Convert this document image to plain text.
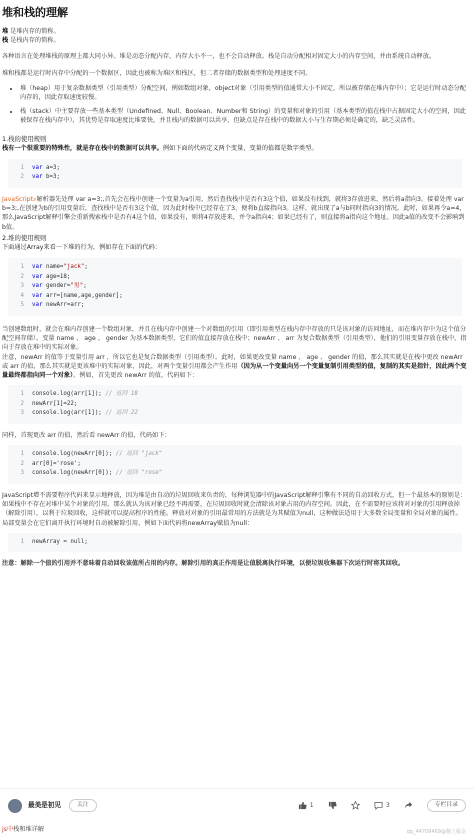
堆和栈的理解

堆 是堆内存的简称。

栈 是栈内存的简称。

各种语言在处理堆栈的原理上都大同小异。堆是动态分配内存，内存大小不一，也不会自动释放。栈是自动分配相对固定大小的内存空间，并由系统自动释放。

堆和栈都是运行时内存中分配的一个数据区，因此也被称为堆区和栈区，但二者存储的数据类型和处理速度不同。

• 堆（heap）用于复杂数据类型（引用类型）分配空间，例如数组对象，object对象（引用类型的值通常大小不固定，所以被存储在堆内存中）；它是运行时动态分配内存的，因此存取速度较慢。
• 栈（stack）中主要存放一些基本类型（Undefined、Null、Boolean、Number和 String）的变量和对象的引用（基本类型的值在栈中占据固定大小的空间，因此被保存在栈内存中），其优势是存取速度比堆要快，并且栈内的数据可以共享，但缺点是存在栈中的数据大小与生存期必须是确定的，缺乏灵活性。
1.栈的使用规则
栈有一个很重要的特殊性，就是存在栈中的数据可以共享。例如下面的代码定义两个变量，变量的值都是数字类型。
1 var a=3;
2 var b=3;

JavaScript⌕解析器先处理 var a=3;,首先会在栈中创建一个变量为a引用，然后查找栈中是否有3这个值，如果没有找到，就将3存放进来，然后将a指向3。接着处理 var b=3;,在创建为b的引用变量后，查找栈中是否有3这个值，因为此时栈中已经存在了3，便将b直接指向3。这样，就出现了a与b同时指向3的情况。此时，如果再令a=4，那么JavaScript解释引擎会重新搜索栈中是否有4这个值，如果没有，则将4存放进来，并令a指向4；如果已经有了，则直接将a指向这个地址。因此a值的改变不会影响到b值。

2.堆的使用规则
下面通过Array来看一下堆的行为，例如存在下面的代码：
1 var name="jack";
2 var age=18;
3 var gender="男";
4 var arr=[name,age,gender];
5 var newArr=arr;

当创建数组时，就会在堆内存创建一个数组对象，并且在栈内存中创建一个对数组的引用（即引用类型在栈内存中存放的只是该对象的访问地址，而在堆内存中为这个值分配空间存储）。变量 name 、 age 、 gender 为基本数据类型，它们的值直接存放在栈中；newArr 、 arr 为复合数据类型（引用类型），他们的引用变量存放在栈中，指向于存放在堆中的实际对象。

注意，newArr 的值等于变量引用 arr ，所以它也是复合数据类型（引用类型）。此时，如果更改变量 name 、 age 、 gender 的值，那么其实就是在栈中更改 newArr 或 arr 的值，那么其实就是更该堆中的实际对象，因此，对两个变量引用都会产生作用（因为从一个变量向另一个变量复制引用类型的值，复制的其实是指针，因此两个变量最终都指向同一个对象）。例如，首先更改 newArr 的值，代码如下：

1 console.log(arr[1]); // 返回 18
2 newArr[1]=22;
3 console.log(arr[1]); // 返回 22

同样，首现更改 arr 的值，然后看 newArr 的值，代码如下：

1 console.log(newArr[0]); // 返回 "jack"
2 arr[0]='rose';
3 console.log(newArr[0]); // 返回 "rose"

JavaScript增不需要程序代码来显示地释放，因为堆是由自动的垃圾回收来负责的，每种浏览器中的JavaScript解释引擎有不同的自动回收方式，但一个最基本的原则是：如果栈中不存在对堆中某个对象的引用，那么就认为该对象已经不再需要，在垃圾回收时就会清除该对象占用的内存空间。因此，在不需要时应该将对对象的引用释放掉（解除引用），以利于垃圾回收，这样就可以提高程序的性能。释放对对象的引用最常用的方法就是为其赋值为null，这种做法适用于大多数全局变量和全局对象的属性。局部变量会在它们离开执行环境时自动被解除引用，例如下面代码将newArray赋值为null：

1 newArray = null;

注意：解除一个值的引用并不意味着自动回收该值所占用的内存。解除引用的真正作用是让值脱离执行环境，以便垃圾收集器下次运行时将其回收。

最美是初见	关注	1	3	专栏目录
js中栈和堆详解	qq_44709469@稀土掘金
